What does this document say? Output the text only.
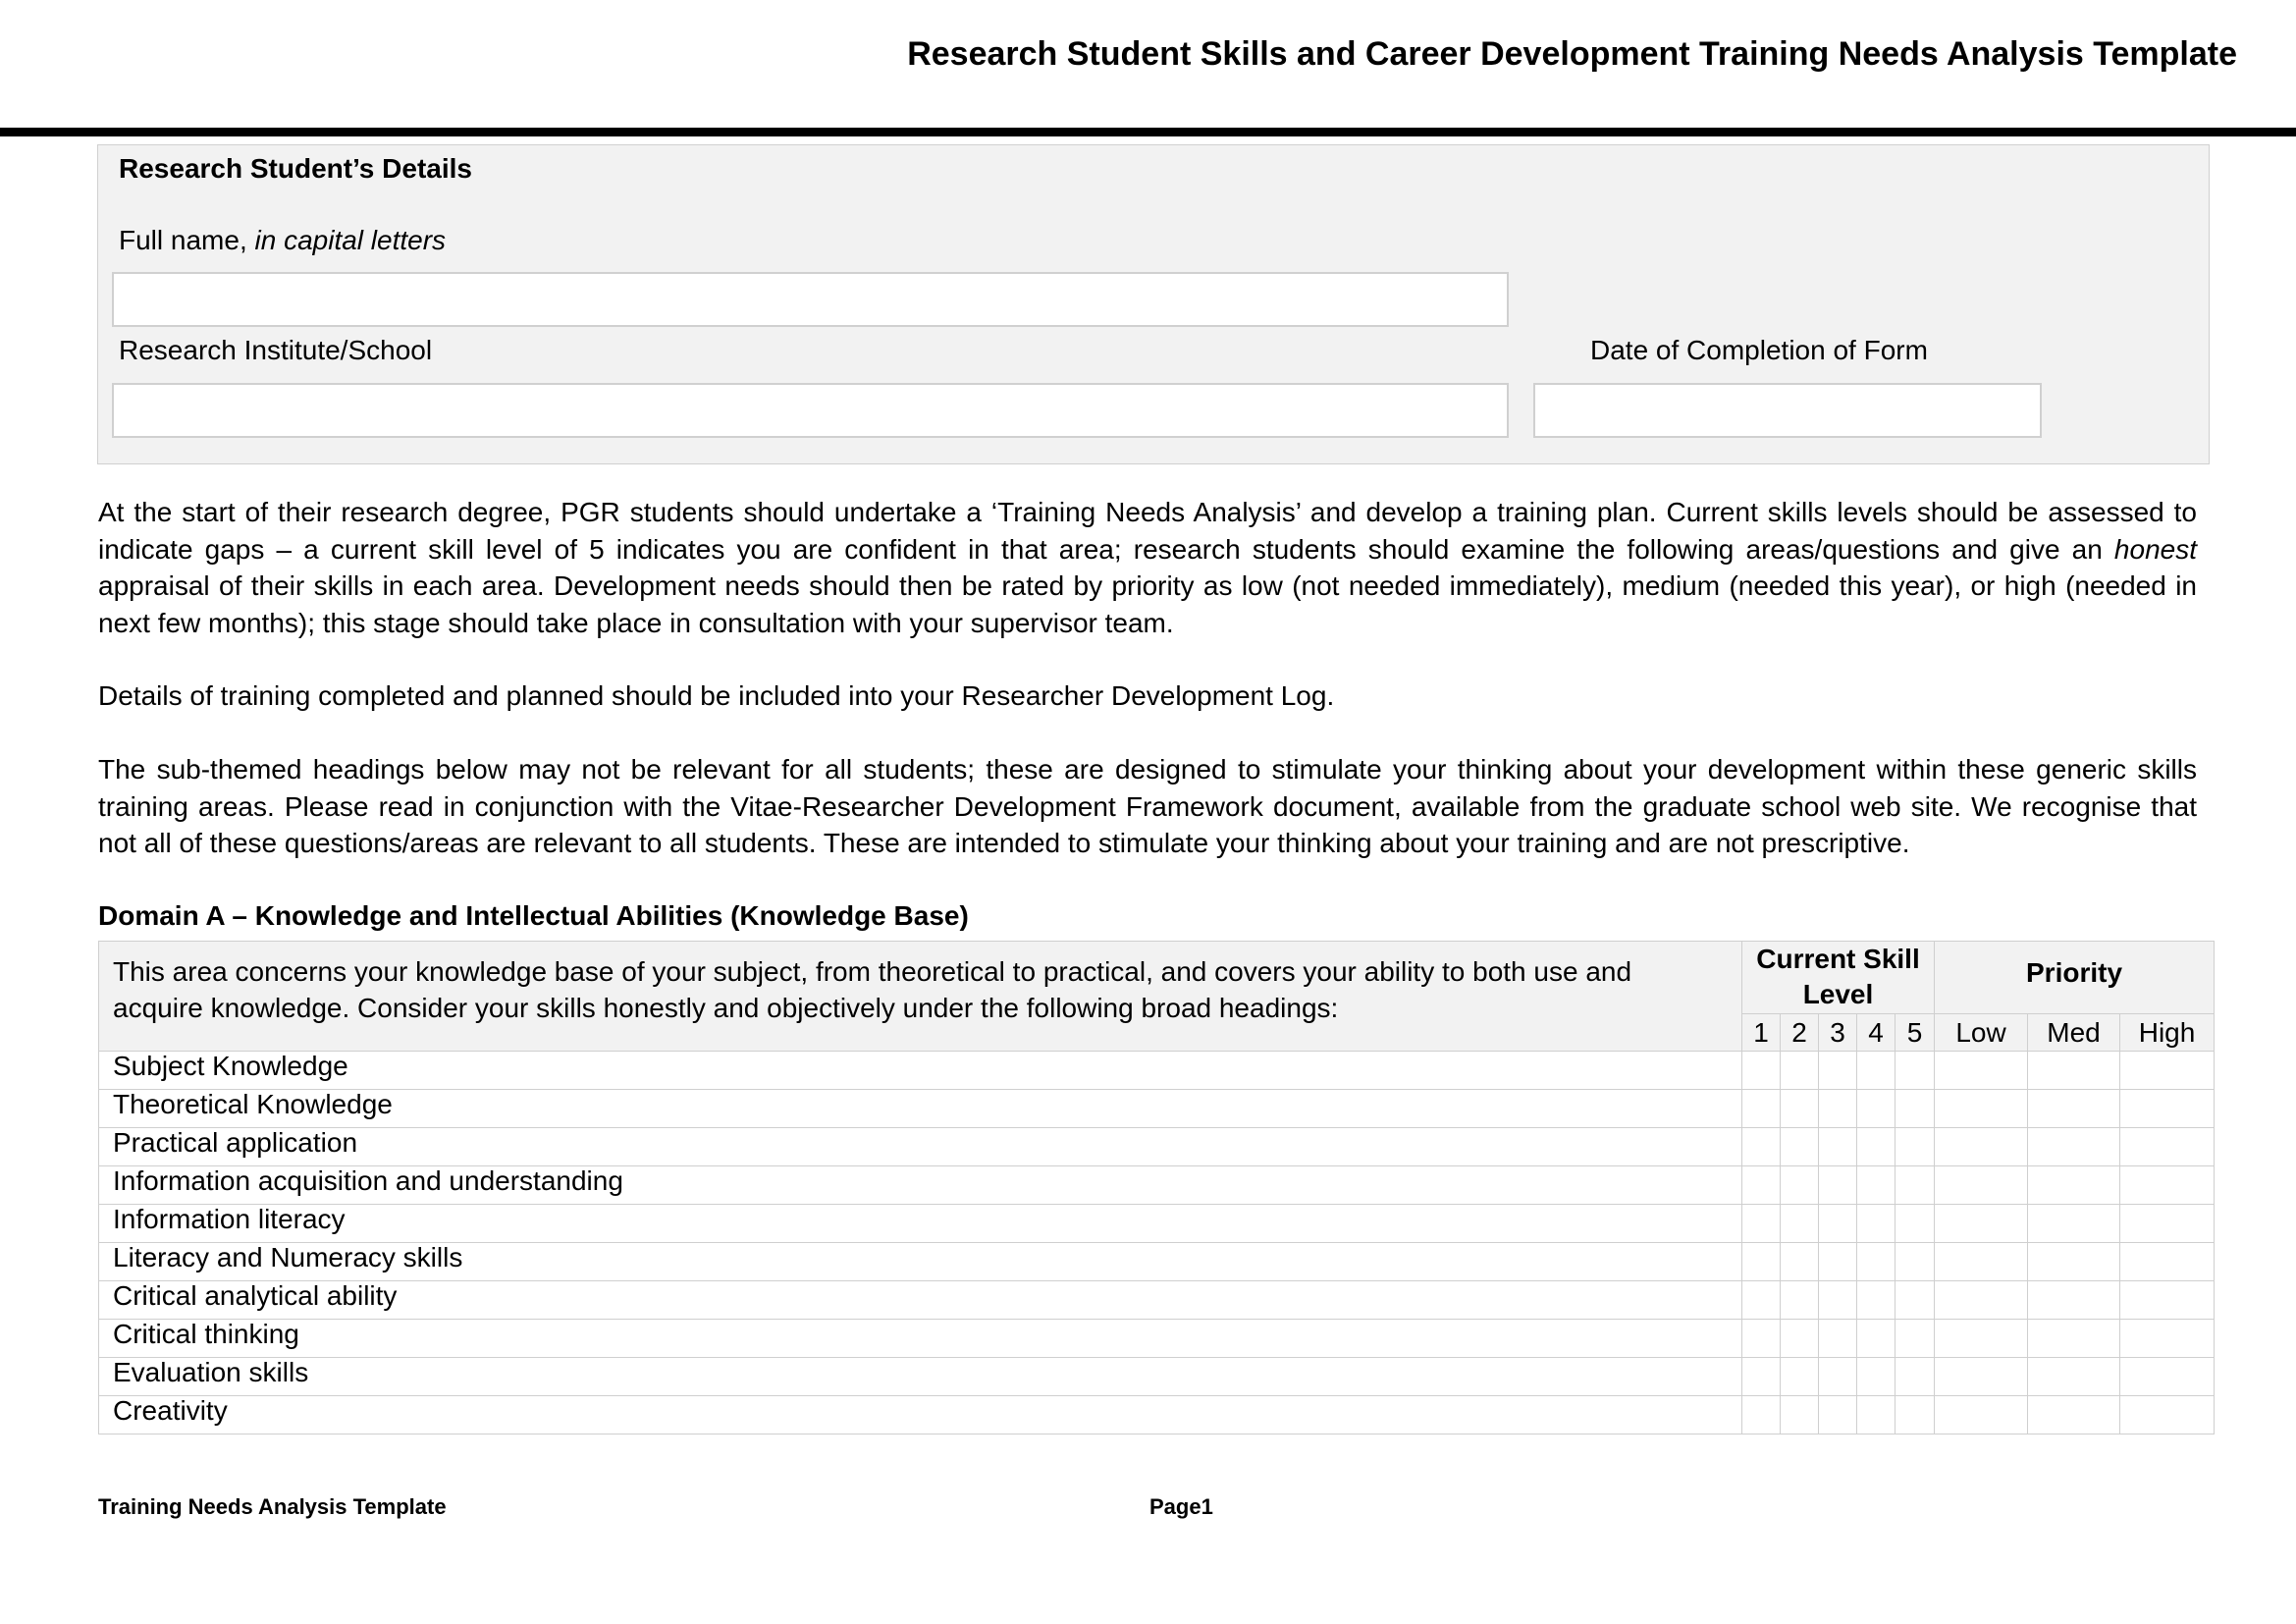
Research Student Skills and Career Development Training Needs Analysis Template
Research Student’s Details
Full name, in capital letters
Research Institute/School	Date of Completion of Form
At the start of their research degree, PGR students should undertake a ‘Training Needs Analysis’ and develop a training plan. Current skills levels should be assessed to
indicate gaps – a current skill level of 5 indicates you are confident in that area; research students should examine the following areas/questions and give an honest
appraisal of their skills in each area. Development needs should then be rated by priority as low (not needed immediately), medium (needed this year), or high (needed in
next few months); this stage should take place in consultation with your supervisor team.
Details of training completed and planned should be included into your Researcher Development Log.
The sub-themed headings below may not be relevant for all students; these are designed to stimulate your thinking about your development within these generic skills
training areas. Please read in conjunction with the Vitae-Researcher Development Framework document, available from the graduate school web site. We recognise that
not all of these questions/areas are relevant to all students. These are intended to stimulate your thinking about your training and are not prescriptive.
Domain A – Knowledge and Intellectual Abilities (Knowledge Base)
This area concerns your knowledge base of your subject, from theoretical to practical, and covers your ability to both use and acquire knowledge. Consider your skills honestly and objectively under the following broad headings:	Current Skill Level					Priority		
	1	2	3	4	5	Low	Med	High
Subject Knowledge								
Theoretical Knowledge								
Practical application								
Information acquisition and understanding								
Information literacy								
Literacy and Numeracy skills								
Critical analytical ability								
Critical thinking								
Evaluation skills								
Creativity								
Training Needs Analysis Template	Page1
